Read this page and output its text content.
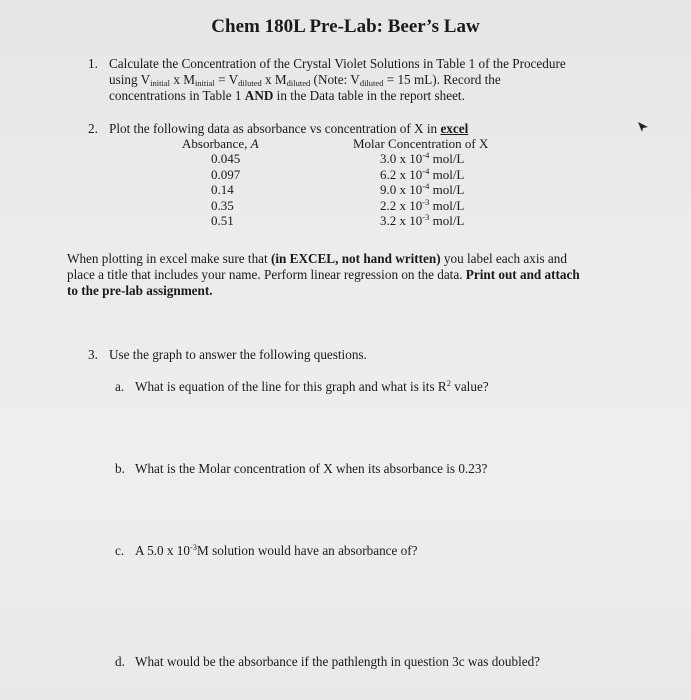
Chem 180L Pre-Lab: Beer’s Law
1. Calculate the Concentration of the Crystal Violet Solutions in Table 1 of the Procedure

using $V_{initial}$ x $M_{initial} = V_{diluted}$ x $M_{diluted}$ (Note: $V_{diluted} = 15$ mL). Record the

concentrations in Table 1 AND in the Data table in the report sheet.

2. Plot the following data as absorbance vs concentration of X in excel

Absorbance, A
0.045
0.097
0.14
0.35
0.51
Molar Concentration of X
3.0 x $10^{-4}$ mol/L
6.2 x $10^{-4}$ mol/L
9.0 x $10^{-4}$ mol/L
2.2 x $10^{-3}$ mol/L
3.2 x $10^{-3}$ mol/L

When plotting in excel make sure that (in EXCEL, not hand written) you label each axis and

place a title that includes your name. Perform linear regression on the data. Print out and attach

to the pre-lab assignment.

3. Use the graph to answer the following questions.
a. What is equation of the line for this graph and what is its $R^2$ value?
b. What is the Molar concentration of X when its absorbance is 0.23?
c. A 5.0 x $10^{-3}M$ solution would have an absorbance of?
d. What would be the absorbance if the pathlength in question 3c was doubled?
